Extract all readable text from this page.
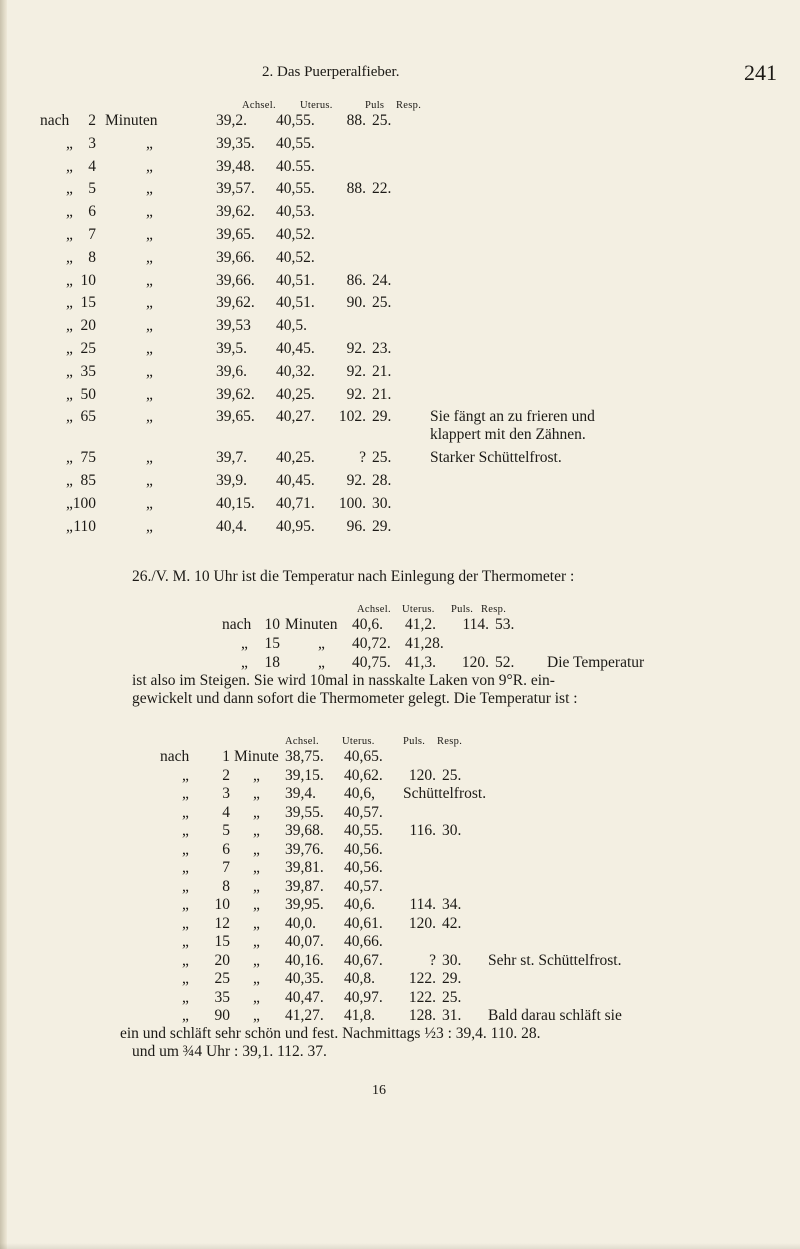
2. Das Puerperalfieber.	241
Achsel. Uterus.	Puls Resp.
nach 2 Minuten	39,2. 40,55. 88. 25.
„ 3	„	39,35. 40,55.
„ 4	„	39,48. 40.55.
„ 5	„	39,57. 40,55. 88. 22.
„ 6	„	39,62. 40,53.
„ 7	„	39,65. 40,52.
„ 8	„	39,66. 40,52.
„ 10	„	39,66. 40,51. 86. 24.
„ 15	„	39,62. 40,51. 90. 25.
„ 20	„	39,53 40,5.
„ 25	„	39,5. 40,45. 92. 23.
„ 35	„	39,6. 40,32. 92. 21.
„ 50	„	39,62. 40,25. 92. 21.
„ 65	„	39,65. 40,27. 102. 29. Sie fängt an zu frieren und
klappert mit den Zähnen.
„ 75	„	39,7. 40,25.	? 25. Starker Schüttelfrost.
„ 85	„	39,9. 40,45. 92. 28.
„ 100	„	40,15. 40,71. 100. 30.
„ 110	„	40,4. 40,95. 96. 29.
26./V. M. 10 Uhr ist die Temperatur nach Einlegung der Thermometer :
Achsel. Uterus. Puls. Resp.
nach 10 Minuten 40,6. 41,2. 114. 53.
„ 15 „ 40,72. 41,28.
„ 18 „ 40,75. 41,3. 120. 52. Die Temperatur
ist also im Steigen. Sie wird 10mal in nasskalte Laken von 9°R. ein-
gewickelt und dann sofort die Thermometer gelegt. Die Temperatur ist :
Achsel. Uterus.	Puls. Resp.
nach 1 Minute 38,75. 40,65.
„ 2 „ 39,15. 40,62. 120. 25.
„ 3 „ 39,4. 40,6, Schüttelfrost.
„ 4 „ 39,55. 40,57.
„ 5 „ 39,68. 40,55. 116. 30.
„ 6 „ 39,76. 40,56.
„ 7 „ 39,81. 40,56.
„ 8 „ 39,87. 40,57.
„ 10 „ 39,95. 40,6. 114. 34.
„ 12 „ 40,0. 40,61. 120. 42.
„ 15 „ 40,07. 40,66.
„ 20 „ 40,16. 40,67.	? 30. Sehr st. Schüttelfrost.
„ 25 „ 40,35. 40,8. 122. 29.
„ 35 „ 40,47. 40,97. 122. 25.
„ 90 „ 41,27. 41,8. 128. 31. Bald darau schläft sie
ein und schläft sehr schön und fest. Nachmittags ½3 : 39,4. 110. 28.
und um ¾4 Uhr : 39,1. 112. 37.
16
